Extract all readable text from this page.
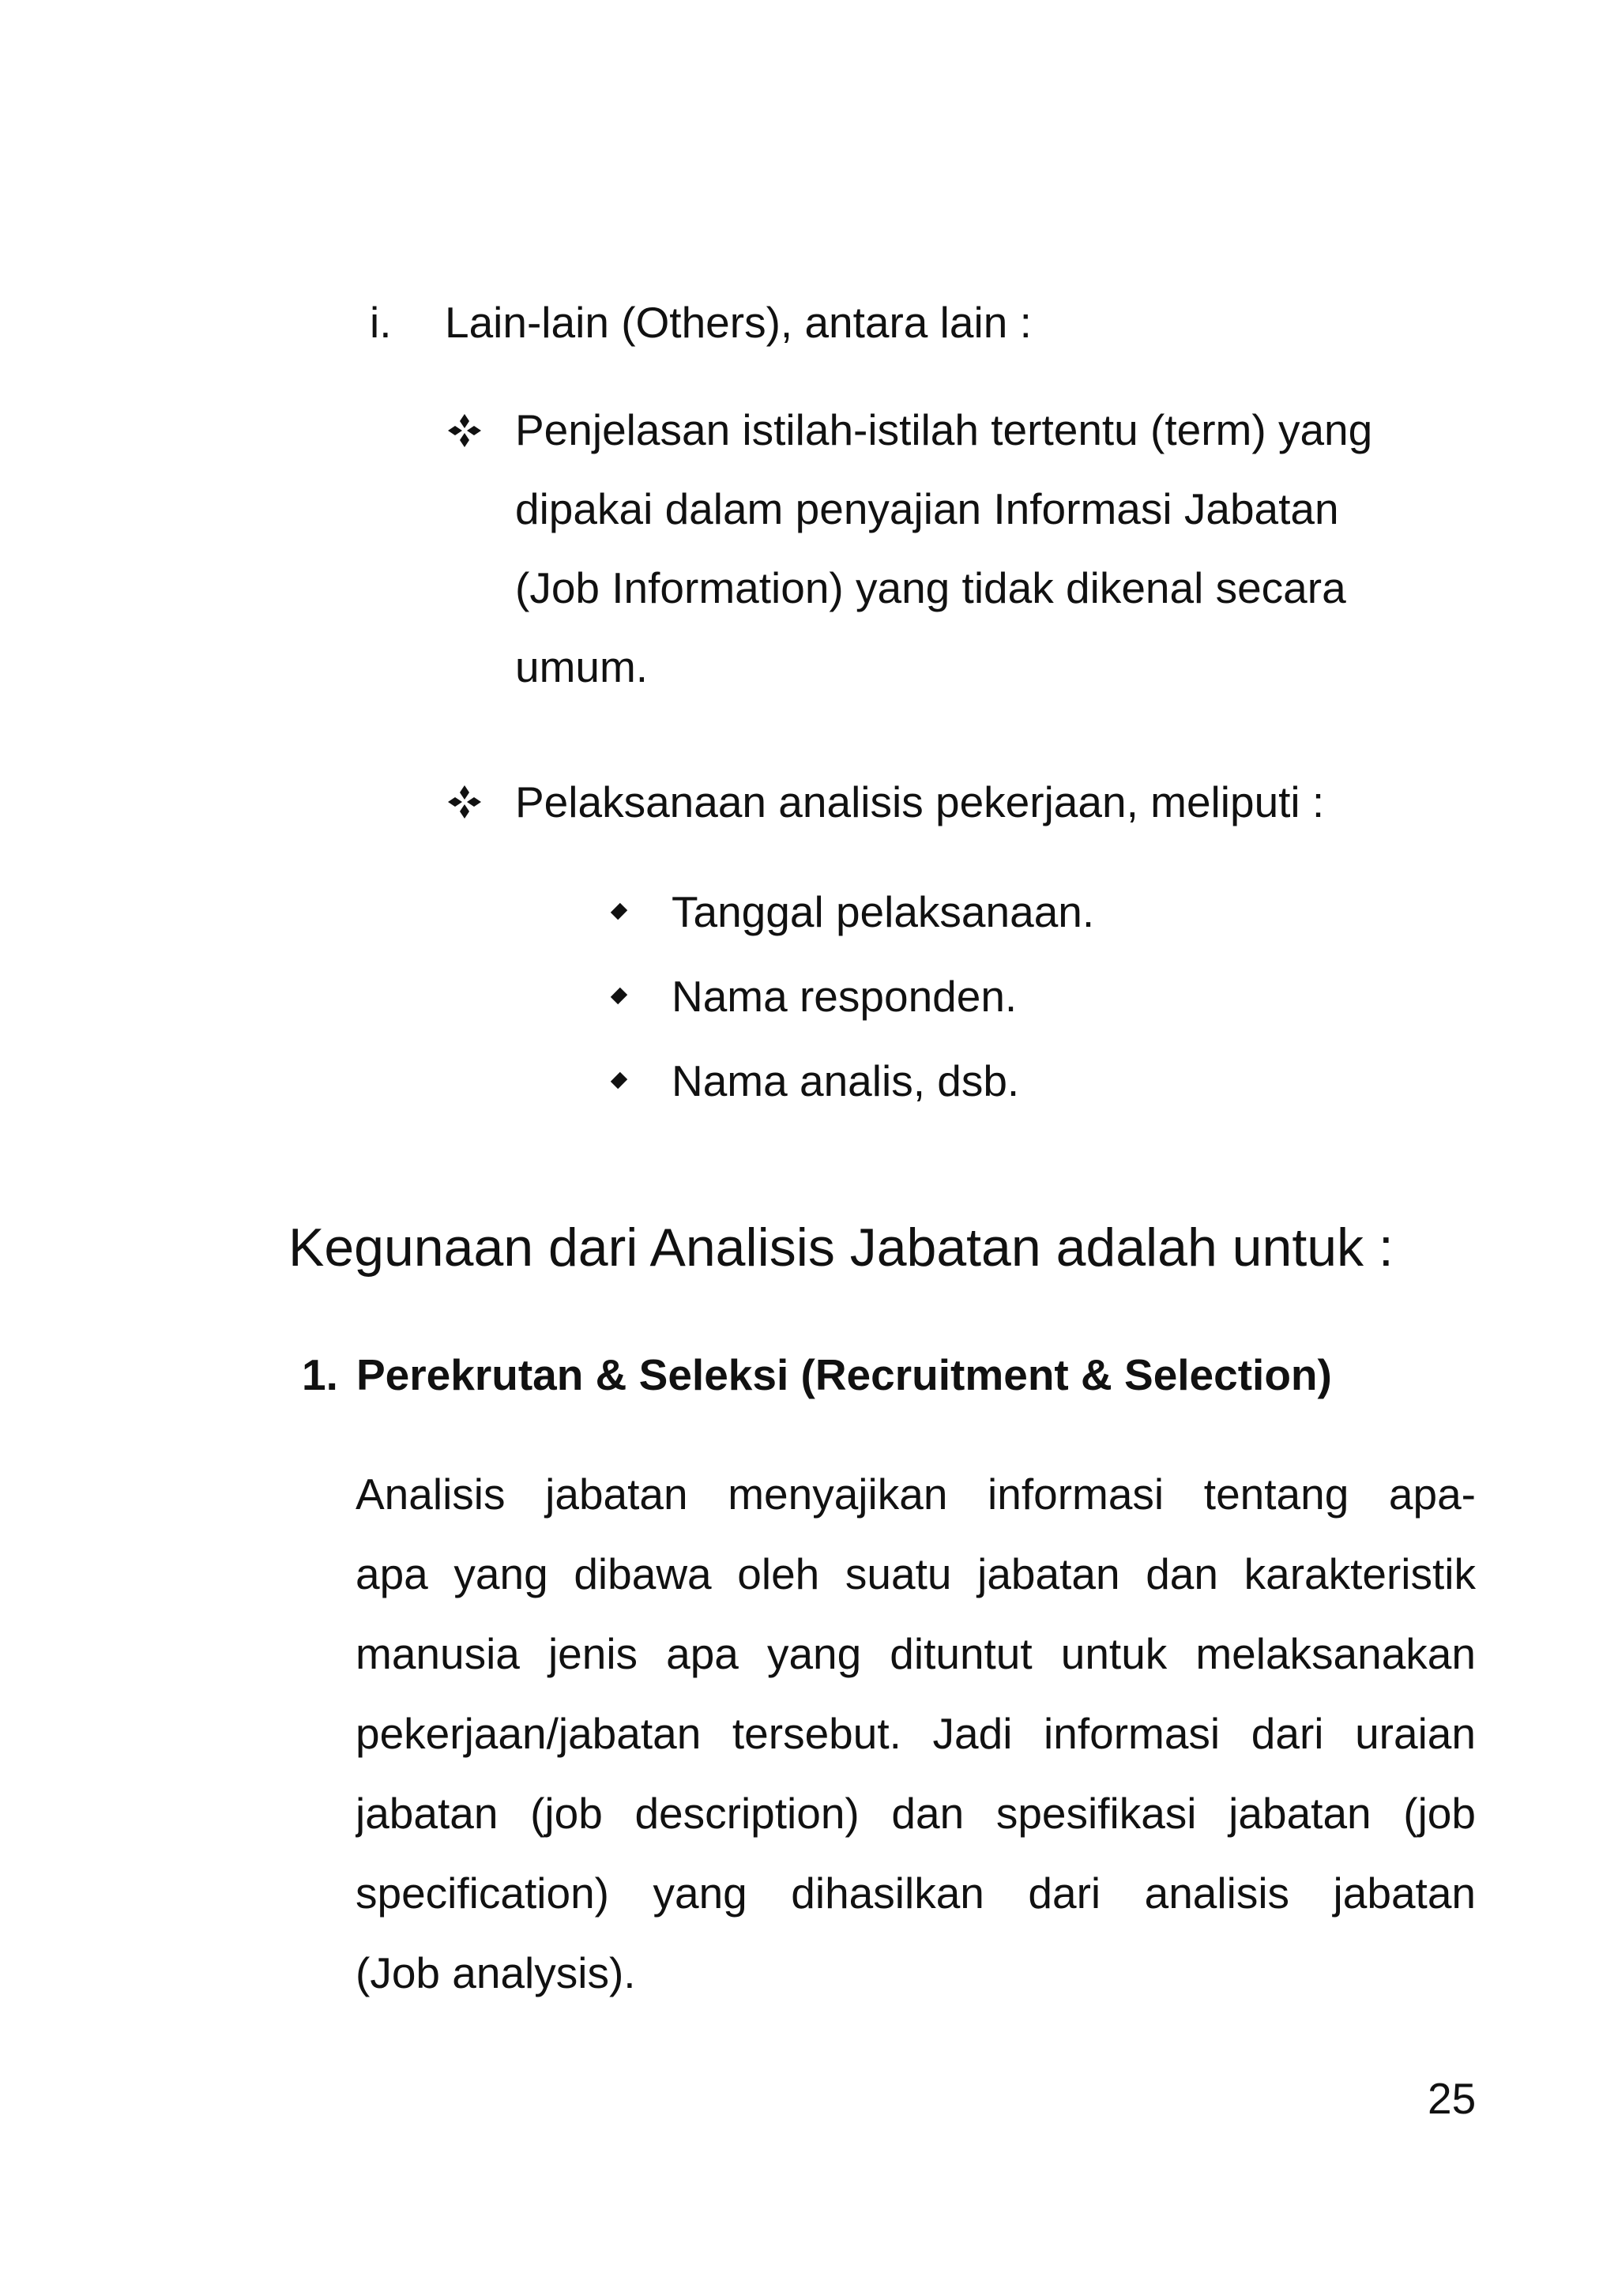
i. Lain-lain (Others), antara lain :
Penjelasan istilah-istilah tertentu (term) yang
dipakai dalam penyajian Informasi Jabatan
(Job Information) yang tidak dikenal secara
umum.
Pelaksanaan analisis pekerjaan, meliputi :
Tanggal pelaksanaan.
Nama responden.
Nama analis, dsb.
Kegunaan dari Analisis Jabatan adalah untuk :
1. Perekrutan & Seleksi (Recruitment & Selection)
Analisis jabatan menyajikan informasi tentang apa-
apa yang dibawa oleh suatu jabatan dan karakteristik
manusia jenis apa yang dituntut untuk melaksanakan
pekerjaan/jabatan tersebut. Jadi informasi dari uraian
jabatan (job description) dan spesifikasi jabatan (job
specification) yang dihasilkan dari analisis jabatan
(Job analysis).
25
